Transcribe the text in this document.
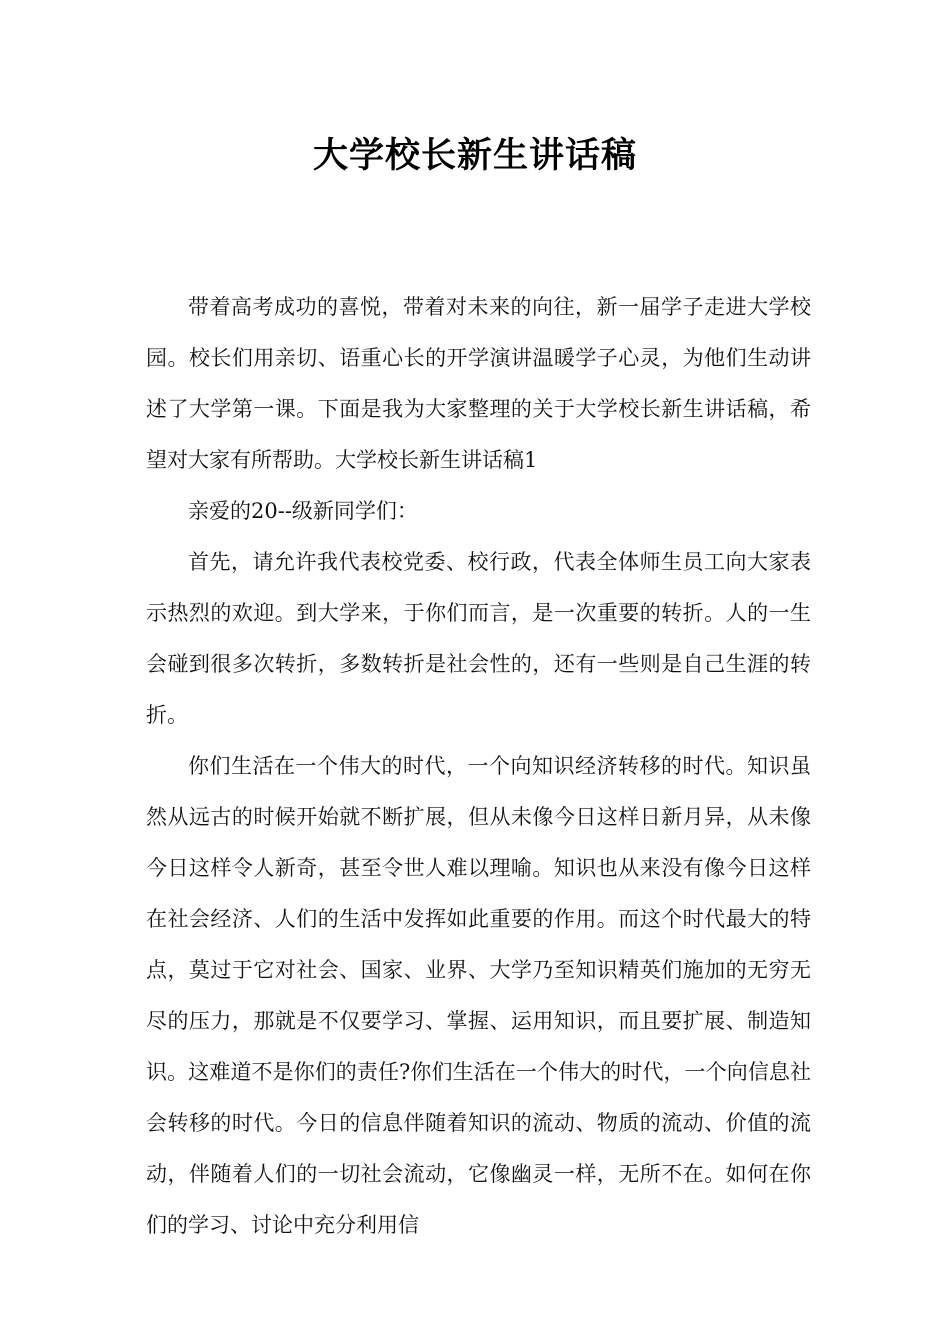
大学校长新生讲话稿

带着高考成功的喜悦，带着对未来的向往，新一届学子走进大学校园。校长们用亲切、语重心长的开学演讲温暖学子心灵，为他们生动讲述了大学第一课。下面是我为大家整理的关于大学校长新生讲话稿，希望对大家有所帮助。大学校长新生讲话稿1

亲爱的20--级新同学们：

首先，请允许我代表校党委、校行政，代表全体师生员工向大家表示热烈的欢迎。到大学来，于你们而言，是一次重要的转折。人的一生会碰到很多次转折，多数转折是社会性的，还有一些则是自己生涯的转折。

你们生活在一个伟大的时代，一个向知识经济转移的时代。知识虽然从远古的时候开始就不断扩展，但从未像今日这样日新月异，从未像今日这样令人新奇，甚至令世人难以理喻。知识也从来没有像今日这样在社会经济、人们的生活中发挥如此重要的作用。而这个时代最大的特点，莫过于它对社会、国家、业界、大学乃至知识精英们施加的无穷无尽的压力，那就是不仅要学习、掌握、运用知识，而且要扩展、制造知识。这难道不是你们的责任?你们生活在一个伟大的时代，一个向信息社会转移的时代。今日的信息伴随着知识的流动、物质的流动、价值的流动，伴随着人们的一切社会流动，它像幽灵一样，无所不在。如何在你们的学习、讨论中充分利用信
